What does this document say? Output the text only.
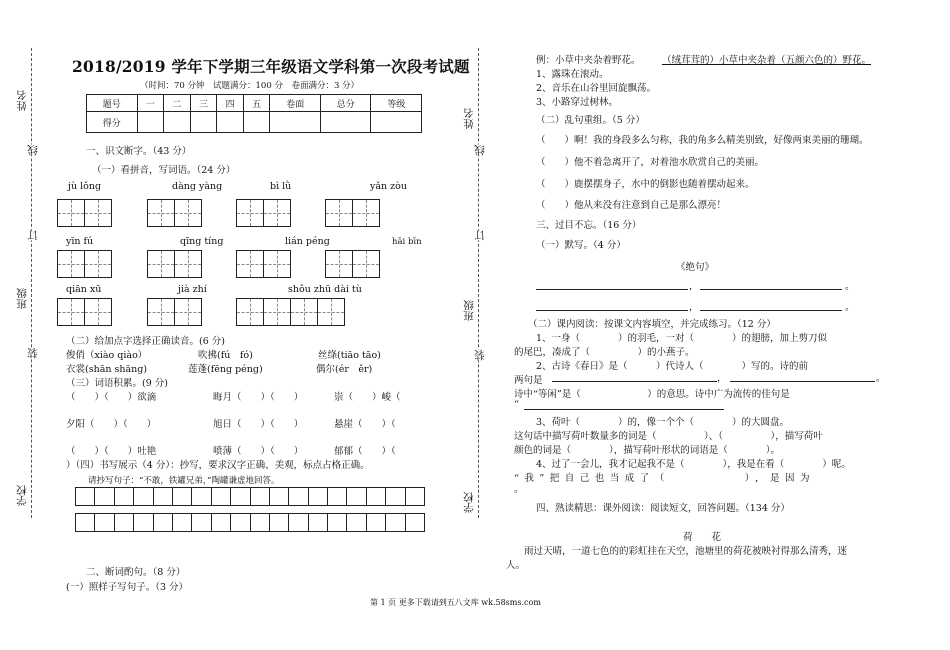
姓名
线
订
班级
装
学校
姓名
线
订
班级
装
学校
2018/2019 学年下学期三年级语文学科第一次段考试题
（时间：70 分钟　试题满分：100 分　卷面满分：3 分）
题号	一	二	三	四	五	卷面	总分	等级
得分								
一、识文断字。（43 分）
（一）看拼音，写词语。（24 分）
jù lǒng	dàng yàng	bì lǜ	yǎn zòu
yīn fú	qīng tíng	lián péng	hāi bīn
qiān xū	jià zhí	shǒu zhū dài tù
（二）给加点字选择正确读音。(6 分)
俊俏（xiào qiào）	吹拂(fú　fó)	丝绦(tiāo tāo)
衣裳(shān shāng)	莲蓬(fēng péng)	偶尔(ér　ěr)
（三）词语积累。(9 分)
（　　）（　　）欲滴	晦月（　　）（　　）	崇（　　）峻（
夕阳（　　）（　　）	旭日（　　）（　　）	悬崖（　　）（
（　　）（　　）吐艳	喷薄（　　）（　　）	郁郁（　　）（
）（四）书写展示（4 分）：抄写，要求汉字正确、美观，标点占格正确。
请抄写句子：“不敢，铁罐兄弟，”陶罐谦虚地回答。
二、断词酌句。（8 分）
(一）照样子写句子。（3 分）
例：小草中夹杂着野花。 （绒茸茸的）小草中夹杂着（五颜六色的）野花。
1、露珠在滚动。
2、音乐在山谷里回旋飘荡。
3、小路穿过树林。
（二）乱句重组。（5 分）
（　　）啊！我的身段多么匀称，我的角多么精美别致，好像两束美丽的珊瑚。
（　　）他不着急离开了，对着池水欣赏自己的美丽。
（　　）鹿摆摆身子，水中的倒影也随着摆动起来。
（　　）他从来没有注意到自己是那么漂亮！
三、过目不忘。（16 分）
（一）默写。（4 分）
《绝句》
，	。
，	。
（二）课内阅读：按课文内容填空，并完成练习。（12 分）
1、一身（　　　　）的羽毛，一对（　　　　）的翅膀，加上剪刀似
的尾巴，凑成了（　　　　　）的小燕子。
2、古诗《春日》是（　　　）代诗人（　　　　）写的。诗的前
两句是	，	。
诗中“等闲”是（　　　　　　　）的意思。诗中广为流传的佳句是
“
3、荷叶（　　　　）的，像一个个（　　　　）的大圆盘。
这句话中描写荷叶数量多的词是（　　　　　）、（　　　　　），描写荷叶
颜色的词是（　　　　），描写荷叶形状的词语是（　　　　）。
4、过了一会儿，我才记起我不是（　　　　），我是在看（　　　　）呢。
“我”把自己也当成了（　　　　　），是因为
。
四、熟读精思：课外阅读：阅读短文，回答问题。（134 分）
荷　　花
雨过天晴，一道七色的的彩虹挂在天空，池塘里的荷花被映衬得那么清秀，迷
人。
第 1 页 更多下载请到五八文库 wk.58sms.com
